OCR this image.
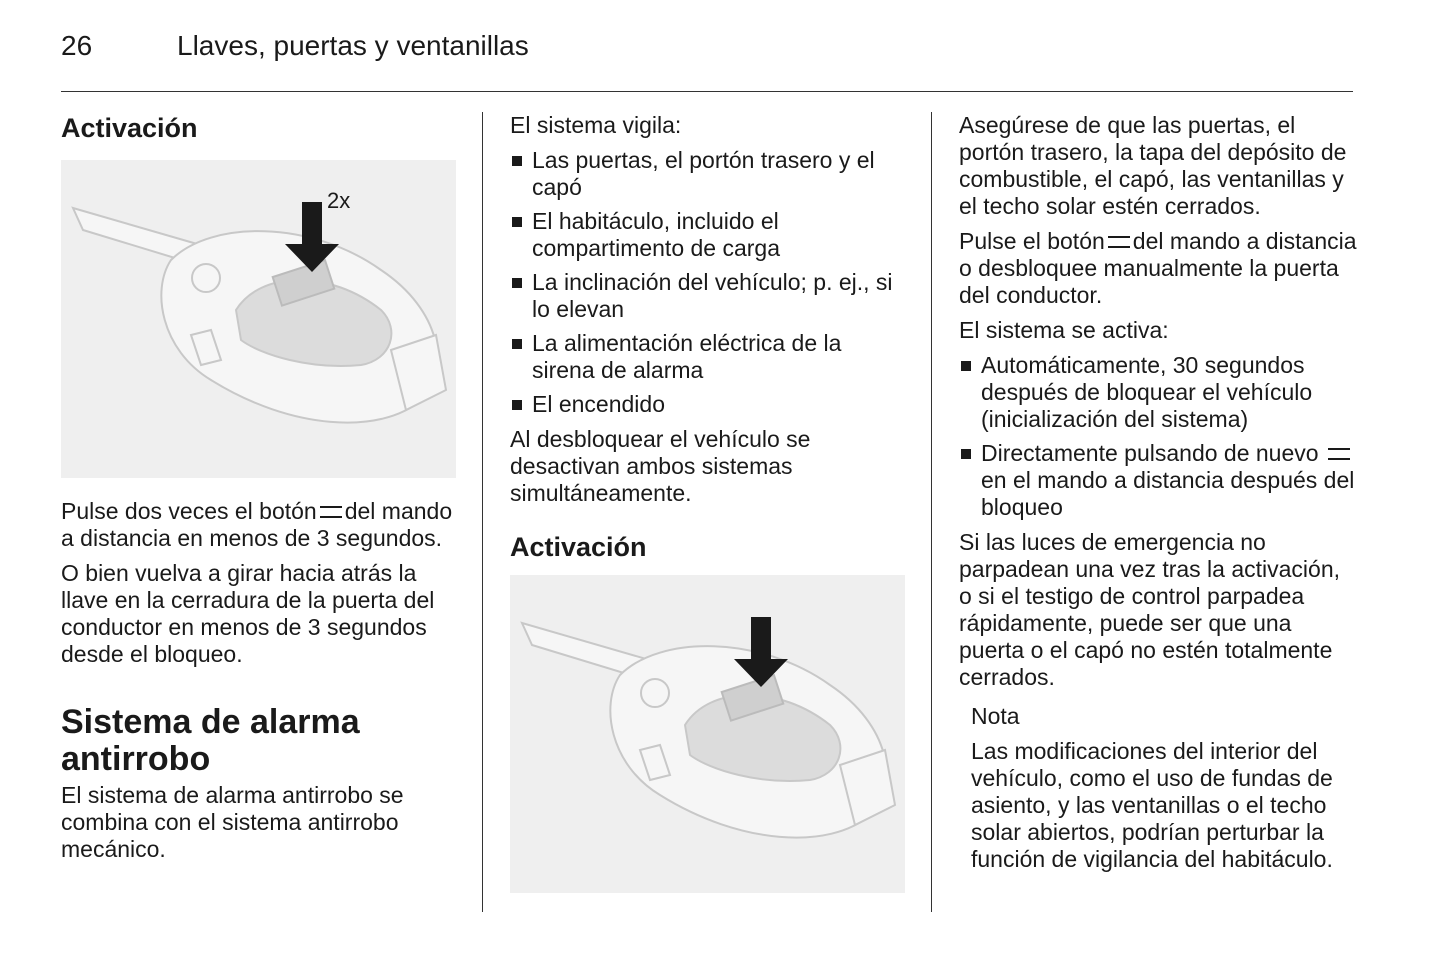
26	Llaves, puertas y ventanillas
Activación
2x

Pulse dos veces el botón del mando a distancia en menos de 3 segundos.

O bien vuelva a girar hacia atrás la llave en la cerradura de la puerta del conductor en menos de 3 segundos desde el bloqueo.

Sistema de alarma antirrobo

El sistema de alarma antirrobo se combina con el sistema antirrobo mecánico.

El sistema vigila:

Las puertas, el portón trasero y el capó
El habitáculo, incluido el compartimento de carga
La inclinación del vehículo; p. ej., si lo elevan
La alimentación eléctrica de la sirena de alarma
El encendido

Al desbloquear el vehículo se desactivan ambos sistemas simultáneamente.

Activación

Asegúrese de que las puertas, el portón trasero, la tapa del depósito de combustible, el capó, las ventanillas y el techo solar estén cerrados.

Pulse el botón del mando a distancia o desbloquee manualmente la puerta del conductor.

El sistema se activa:

Automáticamente, 30 segundos después de bloquear el vehículo (inicialización del sistema)
Directamente pulsando de nuevo en el mando a distancia después del bloqueo

Si las luces de emergencia no parpadean una vez tras la activación, o si el testigo de control parpadea rápidamente, puede ser que una puerta o el capó no estén totalmente cerrados.

Nota

Las modificaciones del interior del vehículo, como el uso de fundas de asiento, y las ventanillas o el techo solar abiertos, podrían perturbar la función de vigilancia del habitáculo.
